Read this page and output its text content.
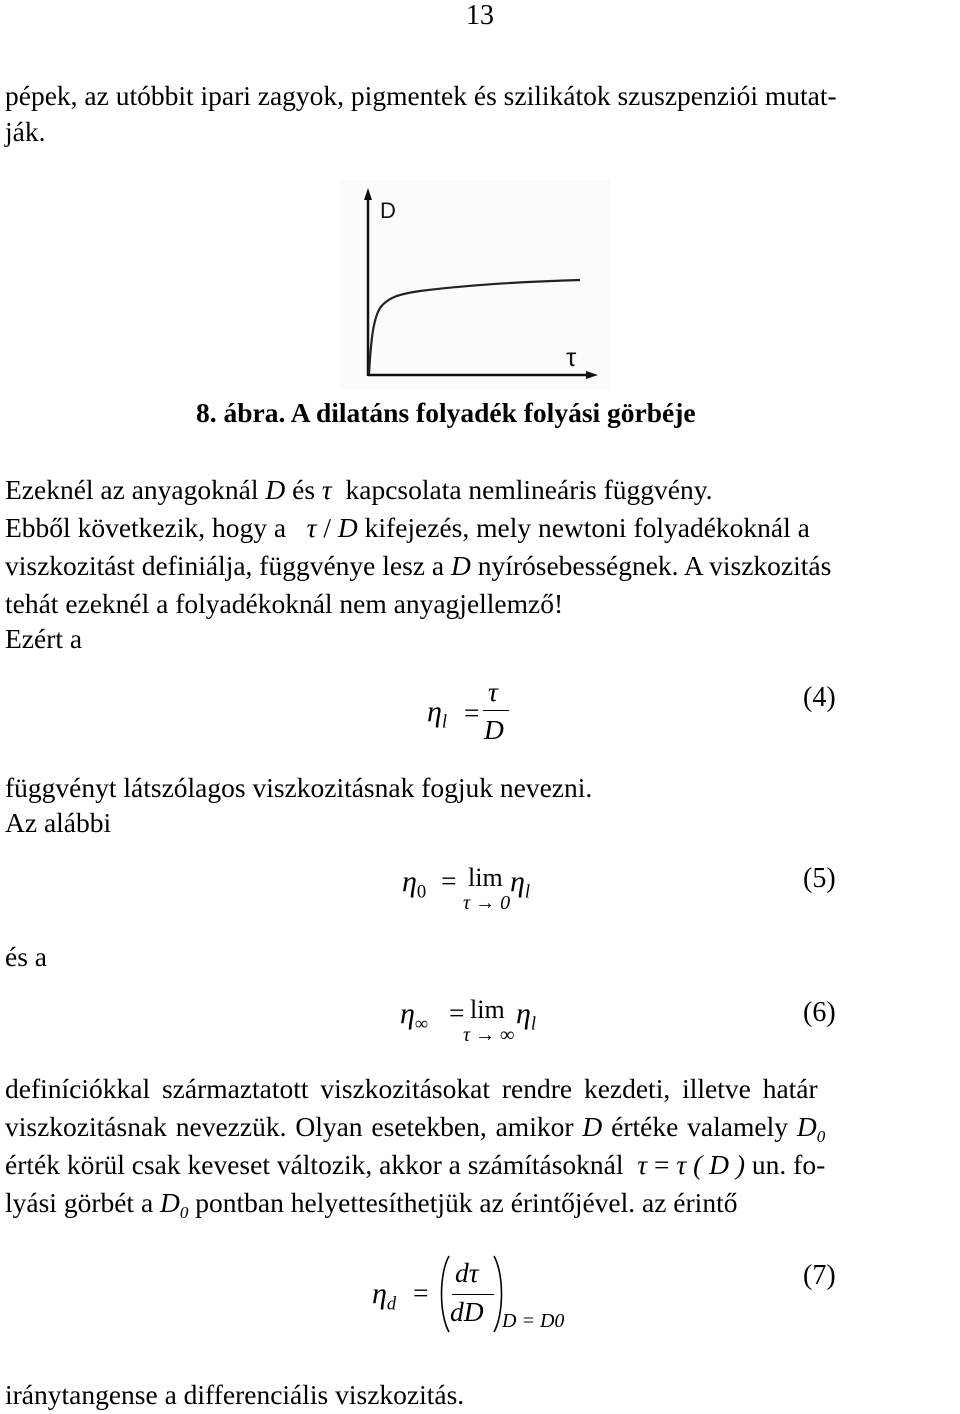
13
pépek, az utóbbit ipari zagyok, pigmentek és szilikátok szuszpenziói mutat-
ják.
D
τ
8. ábra. A dilatáns folyadék folyási görbéje
Ezeknél az anyagoknál D és τ  kapcsolata nemlineáris függvény.
Ebből következik, hogy a   τ / D kifejezés, mely newtoni folyadékoknál a
viszkozitást definiálja, függvénye lesz a D nyírósebességnek. A viszkozitás
tehát ezeknél a folyadékoknál nem anyagjellemző!
Ezért a
$\eta_l$ =
τ
D
(4)
függvényt látszólagos viszkozitásnak fogjuk nevezni.
Az alábbi
$\eta_0 = \lim$
τ → 0
$\eta_l$	(5)
és a
$\eta_\infty = \lim$
τ → ∞
$\eta_l$	(6)
definíciókkal származtatott viszkozitásokat rendre kezdeti, illetve határ
viszkozitásnak nevezzük. Olyan esetekben, amikor D értéke valamely $D_0$
érték körül csak keveset változik, akkor a számításoknál  τ = τ ( D ) un. fo-
lyási görbét a $D_0$ pontban helyettesíthetjük az érintőjével. az érintő
$\eta_d$ =
dτ
dD D = D0
(7)
iránytangense a differenciális viszkozitás.
